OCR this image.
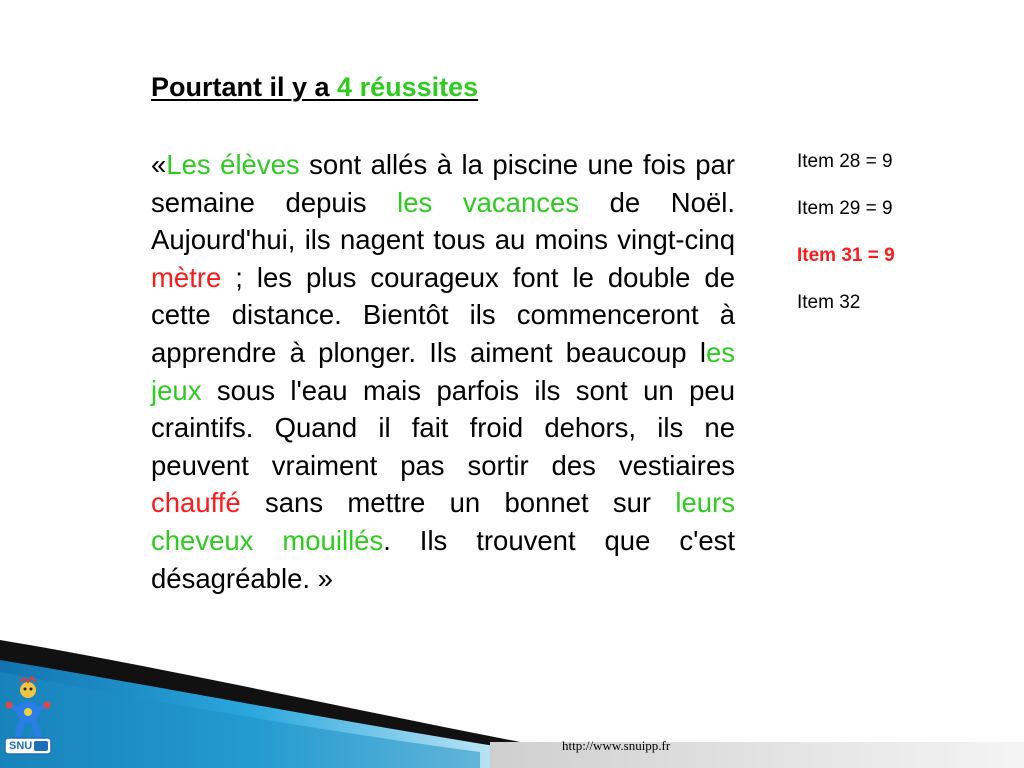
SNU
Pourtant il y a 4 réussites
«Les élèves sont allés à la piscine une fois par semaine depuis les vacances de Noël. Aujourd'hui, ils nagent tous au moins vingt-cinq mètre ; les plus courageux font le double de cette distance. Bientôt ils commenceront à apprendre à plonger. Ils aiment beaucoup les jeux sous l'eau mais parfois ils sont un peu craintifs. Quand il fait froid dehors, ils ne peuvent vraiment pas sortir des vestiaires chauffé sans mettre un bonnet sur leurs cheveux mouillés. Ils trouvent que c'est désagréable. »
Item 28 = 9
Item 29 = 9
Item 31 = 9
Item 32
http://www.snuipp.fr
